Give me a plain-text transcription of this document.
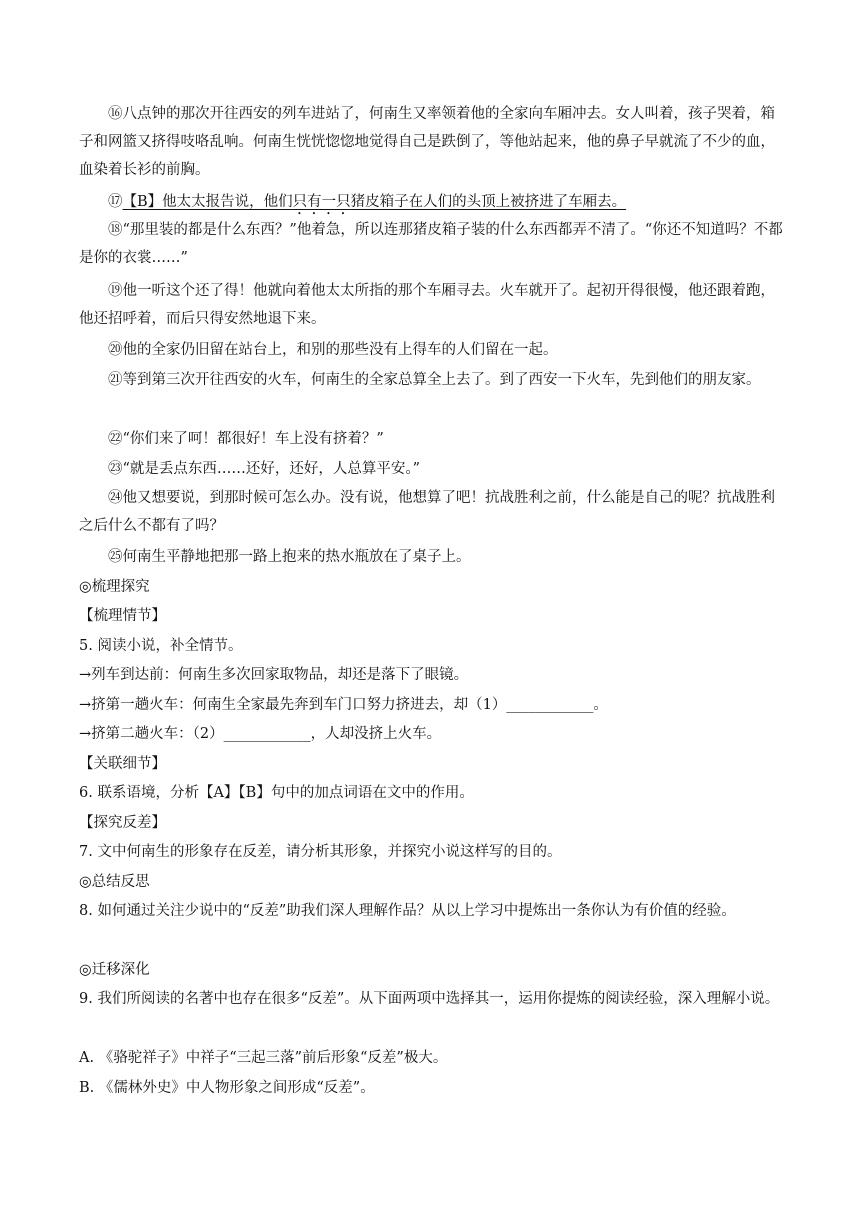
⑯八点钟的那次开往西安的列车进站了，何南生又率领着他的全家向车厢冲去。女人叫着，孩子哭着，箱子和网篮又挤得吱咯乱响。何南生恍恍惚惚地觉得自己是跌倒了，等他站起来，他的鼻子早就流了不少的血，血染着长衫的前胸。

⑰【B】他太太报告说，他们只有一只猪皮箱子在人们的头顶上被挤进了车厢去。

⑱“那里装的都是什么东西？”他着急，所以连那猪皮箱子装的什么东西都弄不清了。“你还不知道吗？不都是你的衣裳……”

⑲他一听这个还了得！他就向着他太太所指的那个车厢寻去。火车就开了。起初开得很慢，他还跟着跑，他还招呼着，而后只得安然地退下来。

⑳他的全家仍旧留在站台上，和别的那些没有上得车的人们留在一起。

㉑等到第三次开往西安的火车，何南生的全家总算全上去了。到了西安一下火车，先到他们的朋友家。

㉒“你们来了呵！都很好！车上没有挤着？”

㉓“就是丢点东西……还好，还好，人总算平安。”

㉔他又想要说，到那时候可怎么办。没有说，他想算了吧！抗战胜利之前，什么能是自己的呢？抗战胜利之后什么不都有了吗？

㉕何南生平静地把那一路上抱来的热水瓶放在了桌子上。

◎梳理探究

【梳理情节】

5. 阅读小说，补全情节。

→列车到达前：何南生多次回家取物品，却还是落下了眼镜。

→挤第一趟火车：何南生全家最先奔到车门口努力挤进去，却（1）____________。

→挤第二趟火车：（2）____________，人却没挤上火车。

【关联细节】

6. 联系语境，分析【A】【B】句中的加点词语在文中的作用。

【探究反差】

7. 文中何南生的形象存在反差，请分析其形象，并探究小说这样写的目的。

◎总结反思

8. 如何通过关注少说中的“反差”助我们深人理解作品？从以上学习中提炼出一条你认为有价值的经验。

◎迁移深化

9. 我们所阅读的名著中也存在很多“反差”。从下面两项中选择其一，运用你提炼的阅读经验，深入理解小说。

A. 《骆驼祥子》中祥子“三起三落”前后形象“反差”极大。

B. 《儒林外史》中人物形象之间形成“反差”。
